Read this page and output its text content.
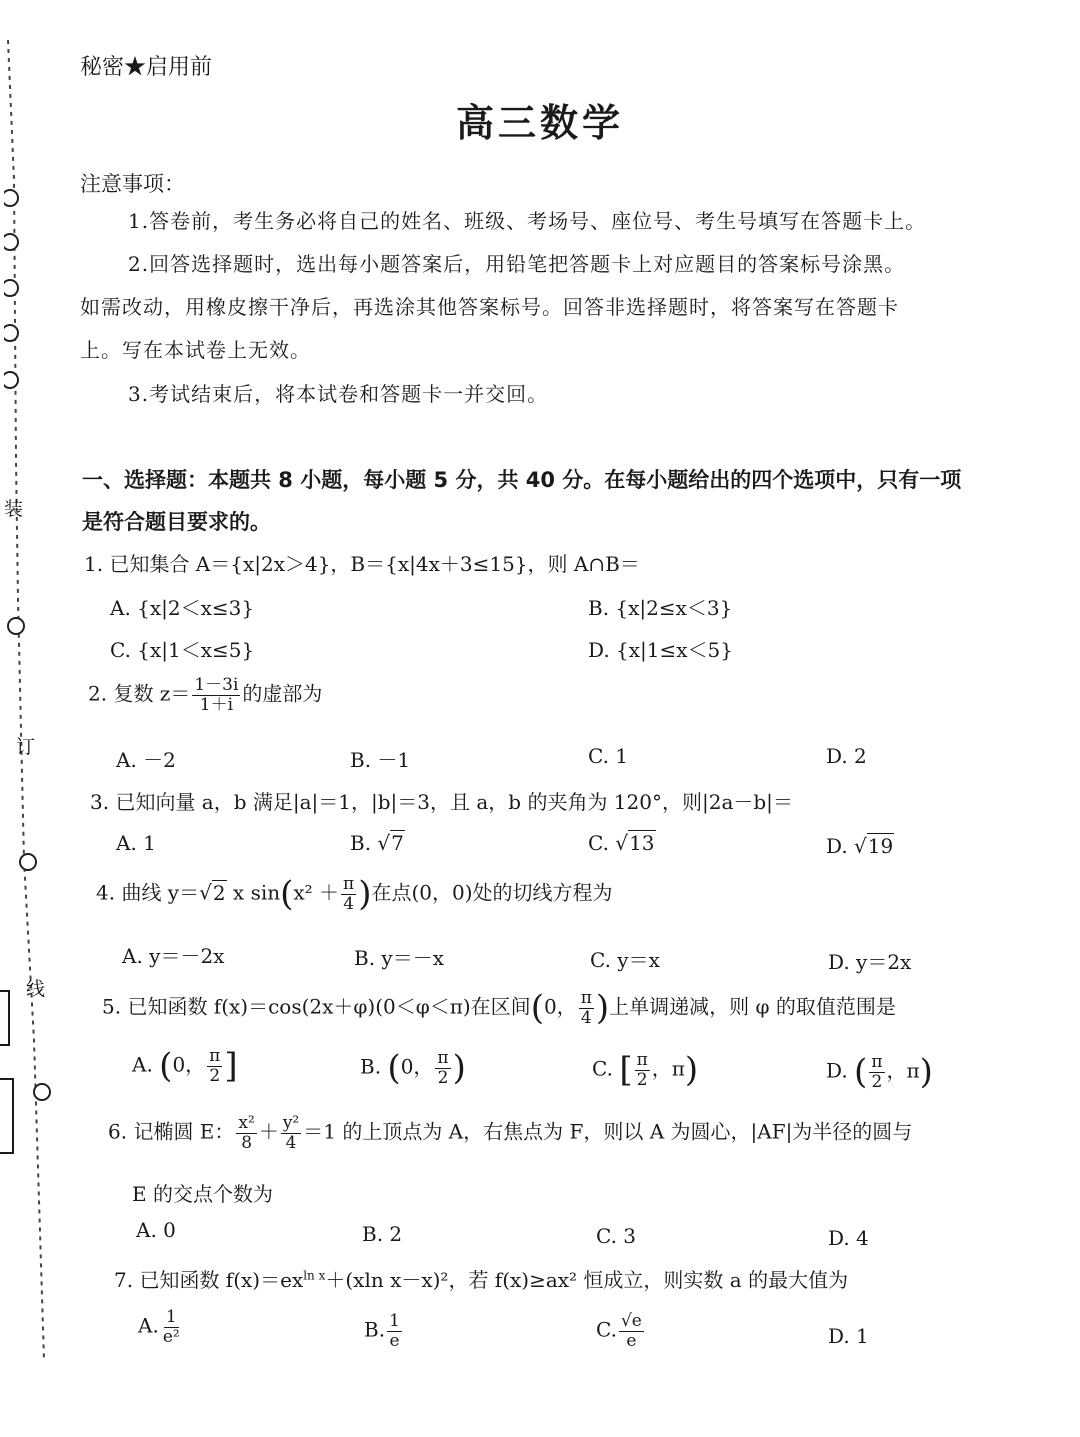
装
订
线
秘密★启用前
高三数学
注意事项：
1.答卷前，考生务必将自己的姓名、班级、考场号、座位号、考生号填写在答题卡上。
2.回答选择题时，选出每小题答案后，用铅笔把答题卡上对应题目的答案标号涂黑。
如需改动，用橡皮擦干净后，再选涂其他答案标号。回答非选择题时，将答案写在答题卡
上。写在本试卷上无效。
3.考试结束后，将本试卷和答题卡一并交回。
一、选择题：本题共 8 小题，每小题 5 分，共 40 分。在每小题给出的四个选项中，只有一项
是符合题目要求的。
1. 已知集合 A＝{x|2x＞4}，B＝{x|4x＋3≤15}，则 A∩B＝
A. {x|2＜x≤3}	B. {x|2≤x＜3}
C. {x|1＜x≤5}	D. {x|1≤x＜5}
2. 复数 $z= \frac{1-3i}{1+i}$ 的虚部为
A. －2	B. －1	C. 1	D. 2
3. 已知向量 a，b 满足|a|＝1，|b|＝3，且 a，b 的夹角为 120°，则|2a－b|＝
A. 1	B. √7	C. √13	D. √19
4. 曲线 y＝√2 x $\sin(x^2 + \frac{\pi}{4}$ )在点(0，0)处的切线方程为
A. y＝－2x	B. y＝－x	C. y＝x	D. y＝2x
5. 已知函数 f(x)＝cos(2x＋φ)(0＜φ＜π)在区间(0， $\frac{\pi}{4}$ )上单调递减，则 φ 的取值范围是
A. (0， $\frac{\pi}{2}$ ]	B. (0， $\frac{\pi}{2}$ )	C. [ $\frac{\pi}{2}$ ，π)	D. ( $\frac{\pi}{2}$ ，π)
6. 记椭圆 E： $\frac{\text{x²}}{8} + \frac{\text{y²}}{4} =1$ 的上顶点为 A，右焦点为 F，则以 A 为圆心，|AF|为半径的圆与
E 的交点个数为
A. 0	B. 2	C. 3	D. 4
7. 已知函数 $f(x)=ex^{ln x}+(xln$ x－x)²，若 f(x)≥ax² 恒成立，则实数 a 的最大值为
A. $\frac{1}{\text{e²}}$	B. $\frac{1}{e}$	C. $\frac{√e}{e}$	D. 1
